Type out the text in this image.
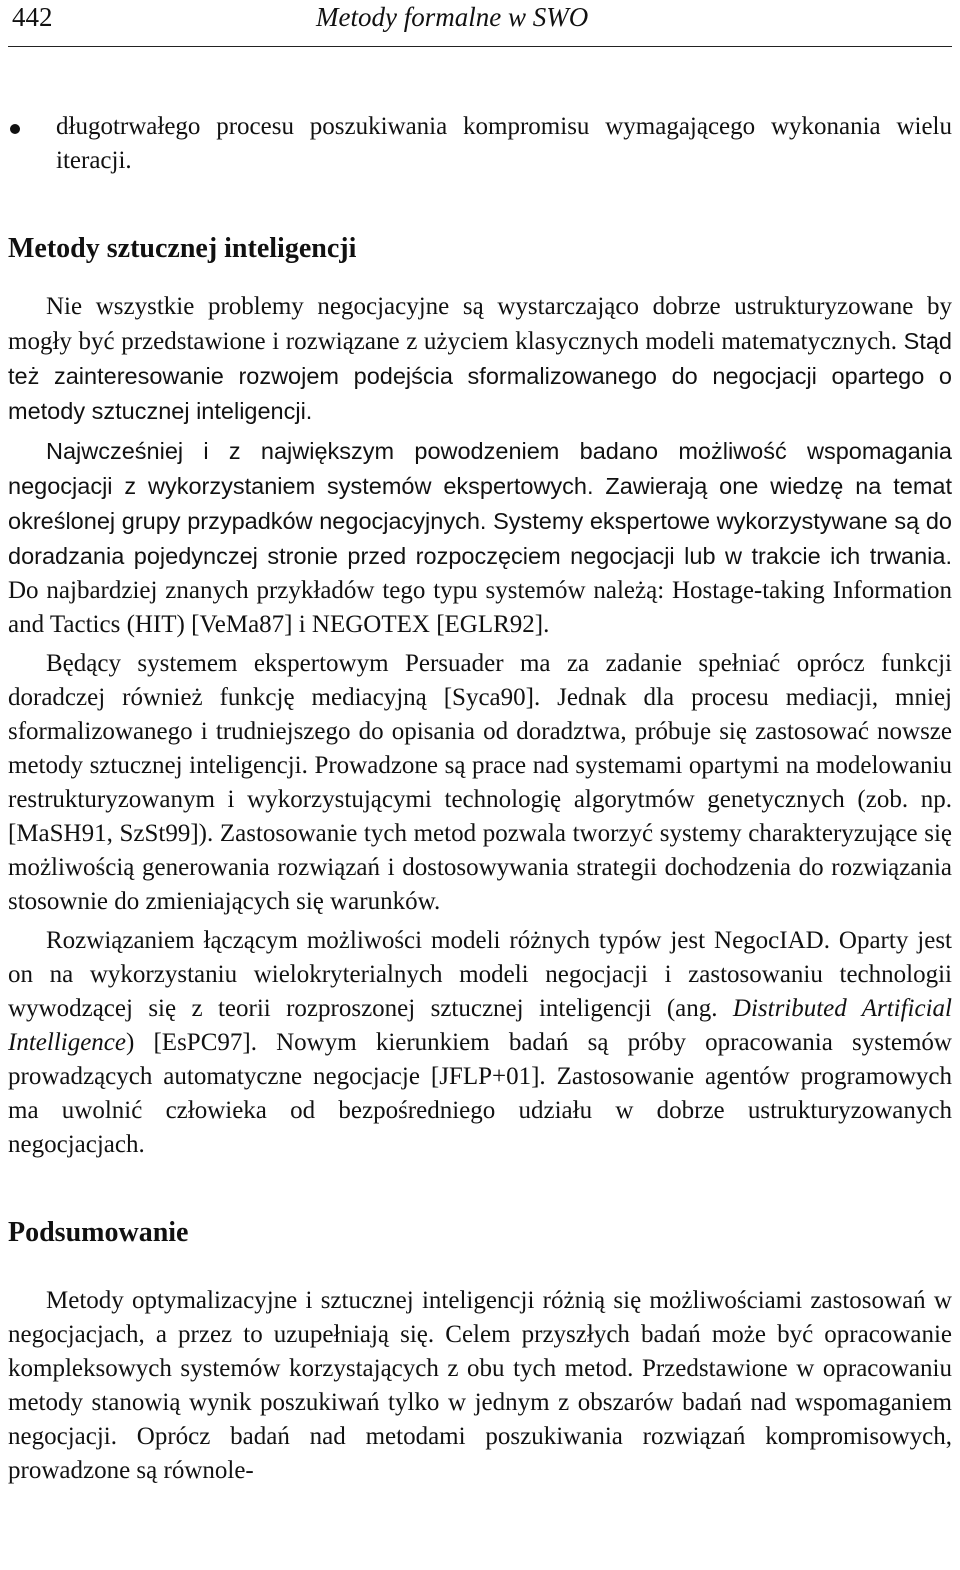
442	Metody formalne w SWO
długotrwałego procesu poszukiwania kompromisu wymagającego wykonania wielu iteracji.
Metody sztucznej inteligencji

Nie wszystkie problemy negocjacyjne są wystarczająco dobrze ustrukturyzowane by mogły być przedstawione i rozwiązane z użyciem klasycznych modeli matematycznych. Stąd też zainteresowanie rozwojem podejścia sformalizowanego do negocjacji opartego o metody sztucznej inteligencji.

Najwcześniej i z największym powodzeniem badano możliwość wspomagania negocjacji z wykorzystaniem systemów ekspertowych. Zawierają one wiedzę na temat określonej grupy przypadków negocjacyjnych. Systemy ekspertowe wykorzystywane są do doradzania pojedynczej stronie przed rozpoczęciem negocjacji lub w trakcie ich trwania. Do najbardziej znanych przykładów tego typu systemów należą: Hostage-taking Information and Tactics (HIT) [VeMa87] i NEGOTEX [EGLR92].

Będący systemem ekspertowym Persuader ma za zadanie spełniać oprócz funkcji doradczej również funkcję mediacyjną [Syca90]. Jednak dla procesu mediacji, mniej sformalizowanego i trudniejszego do opisania od doradztwa, próbuje się zastosować nowsze metody sztucznej inteligencji. Prowadzone są prace nad systemami opartymi na modelowaniu restrukturyzowanym i wykorzystującymi technologię algorytmów genetycznych (zob. np. [MaSH91, SzSt99]). Zastosowanie tych metod pozwala tworzyć systemy charakteryzujące się możliwością generowania rozwiązań i dostosowywania strategii dochodzenia do rozwiązania stosownie do zmieniających się warunków.

Rozwiązaniem łączącym możliwości modeli różnych typów jest NegocIAD. Oparty jest on na wykorzystaniu wielokryterialnych modeli negocjacji i zastosowaniu technologii wywodzącej się z teorii rozproszonej sztucznej inteligencji (ang. Distributed Artificial Intelligence) [EsPC97]. Nowym kierunkiem badań są próby opracowania systemów prowadzących automatyczne negocjacje [JFLP+01]. Zastosowanie agentów programowych ma uwolnić człowieka od bezpośredniego udziału w dobrze ustrukturyzowanych negocjacjach.

Podsumowanie

Metody optymalizacyjne i sztucznej inteligencji różnią się możliwościami zastosowań w negocjacjach, a przez to uzupełniają się. Celem przyszłych badań może być opracowanie kompleksowych systemów korzystających z obu tych metod. Przedstawione w opracowaniu metody stanowią wynik poszukiwań tylko w jednym z obszarów badań nad wspomaganiem negocjacji. Oprócz badań nad metodami poszukiwania rozwiązań kompromisowych, prowadzone są równole-
